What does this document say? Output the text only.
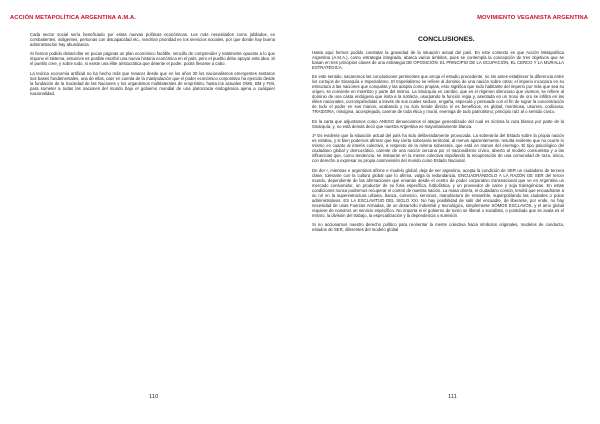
ACCIÓN METAPOLÍTICA ARGENTINA A.M.A.

Cada sector social sería beneficiado por estas nuevas políticas económicas. Los más necesitados como jubilados, ex combatientes, indigentes, personas con discapacidad etc., tendrían prioridad en los servicios sociales, por que donde hay buena administración hay abundancia.

Si hemos podido desarrollar en pocas páginas un plan económico factible, sencillo de comprender y totalmente opuesto a lo que impone el sistema, entonces es posible escribir una nueva historia económica en el país, pero el pueblo debe apoyar esta idea. Si el pueblo cree, y sobre todo, si existe una élite aristocrática que detente el poder, podrá llevarse a cabo.

La teórica economía artificial no ha hecho más que renacer desde que en los años 30 los nacionalismos emergentes sentaron sus bases fundamentales, una de ellas, caer en cuenta de la manipulación que el poder económico corporativo ha ejercido desde la fundación de la Sociedad de las Naciones y los organismos multilaterales de empréstito, hasta los actuales OMS, BM y FMI, para someter a todas las naciones del mundo bajo el gobierno mundial de una plutocracia endogámica ajena a cualquier nacionalidad.

110
MOVIMIENTO VEGANISTA ARGENTINA
CONCLUSIONES.

Hasta aquí hemos podido constatar la gravedad de la situación actual del país. En este contexto es que Acción Metapolítica Argentina (A.M.A.), como estrategia integrada, abarca varios ámbitos, pues se contempla la concepción de tres objetivos que se basan en tres principios claves de una estrategia DE OPOSICIÓN: EL PRINCIPIO DE LA OCUPACIÓN, EL CERCO Y LA MURALLA ESTRATÉGICA.

En este sentido, sacaremos las conclusiones pertinentes que arroja el estudio precedente, no sin antes establecer la diferencia entre los cortojos de Sinarquía e Imperialismo. El Imperialismo se refiere al dominio de una nación sobre otras; el imperio incorpora en su estructura a las naciones que conquista y las adopta como propias, esto significa que todo habitante del imperio por más que sea su origen, se convierte en miembro y parte del mismo. La Sinarquía en cambio, que es el régimen silencioso que vivimos, se refiere al dominio de una casta endógena que imita a la nobleza, usurpando la función regia y, asentada en un trono de oro se infiltra en las élites nacionales, corrompiéndolas a través de sus cuales seduce, engaña, especula y persuade con el fin de lograr la concentración de todo el poder en sus manos, acabando y no solo tiende directo sí es beneficios, es global, mentirosa, usurera, codiciosa, TRAIDORA, misógina, acomplejada, carente de toda ética y moral, enemiga de todo patriotismo; principio raíz al o sentido cívico.

En la carta que adjuntamos como ANEXO denunciamos el ataque generalizado del cual es víctima la raza blanca por parte de la Sinarquía, y, no está demás decir que nuestra Argentina es mayoritariamente blanca.

1º Es evidente que la situación actual del país ha sido deliberadamente provocada. La soberanía del Estado sobre la propia nación es relativa, y si bien podemos afirmar que hay cierta soberanía territorial, al menos aparentemente, resulta evidente que no ocurre lo mismo en cuanto al interés colectivo, a respecto de la misma soberanía, que está en manos del enemigo. El tipo psicológico del ciudadano global y democrático, carente de una noción cercana por el nacionalismo cívico, abierto al modelo consumista y a las influencias que, como tendencia, se instauran en la mente colectiva impidiendo la recuperación de una comunidad de raza, única, con derecho a expresar su propia cosmovisión del mundo como Estado Nacional.

De der r, mientras e argentinos afirme e modelo global, deja de ser argentino, acepta la condición de SER un ciudadano de tercera clase, tolerante con la cultura global que lo afirma, valga la redundancia, ENCUADRÁNDOLO A LA RAZÓN DE SER del tercer mundo, dependiente de las afirmaciones que emanan desde el centro de poder corporativo transnacional que ve en Argentina un mercado consumidor, un productor de su furia específica, futbolística, y un proveedor de carne y soja transgénicas. En estas condiciones nunca podremos recuperar el control de nuestra nación. La masa obrera, el ciudadano común, tendrá que encuadrarse a su rol en la superestructura urbana, banca, comercio, servicios, manufactura de ensamble, superpoblando las ciudades o polos administrativos. ES LA ESCLAVITUD DEL SIGLO XXI. No hay posibilidad de salir del encuadre, de liberarse, por ende, no hay necesidad de unas Fuerzas Armadas, de un desarrollo industrial y tecnológico, simplemente SOMOS ESCLAVOS, y el amo global requiere de nosotros un servicio específico. No importa si el gobierno de turno se liberal o socialista, o postulado que se avala es el mismo, la división del trabajo, la especialización y la dependencia o sumisión.

Si no accionamos nuestro derecho político para reorientar la mente colectiva hacia símbolos originales, modelos de conducta, estados de SER, diferentes del modelo global

111
